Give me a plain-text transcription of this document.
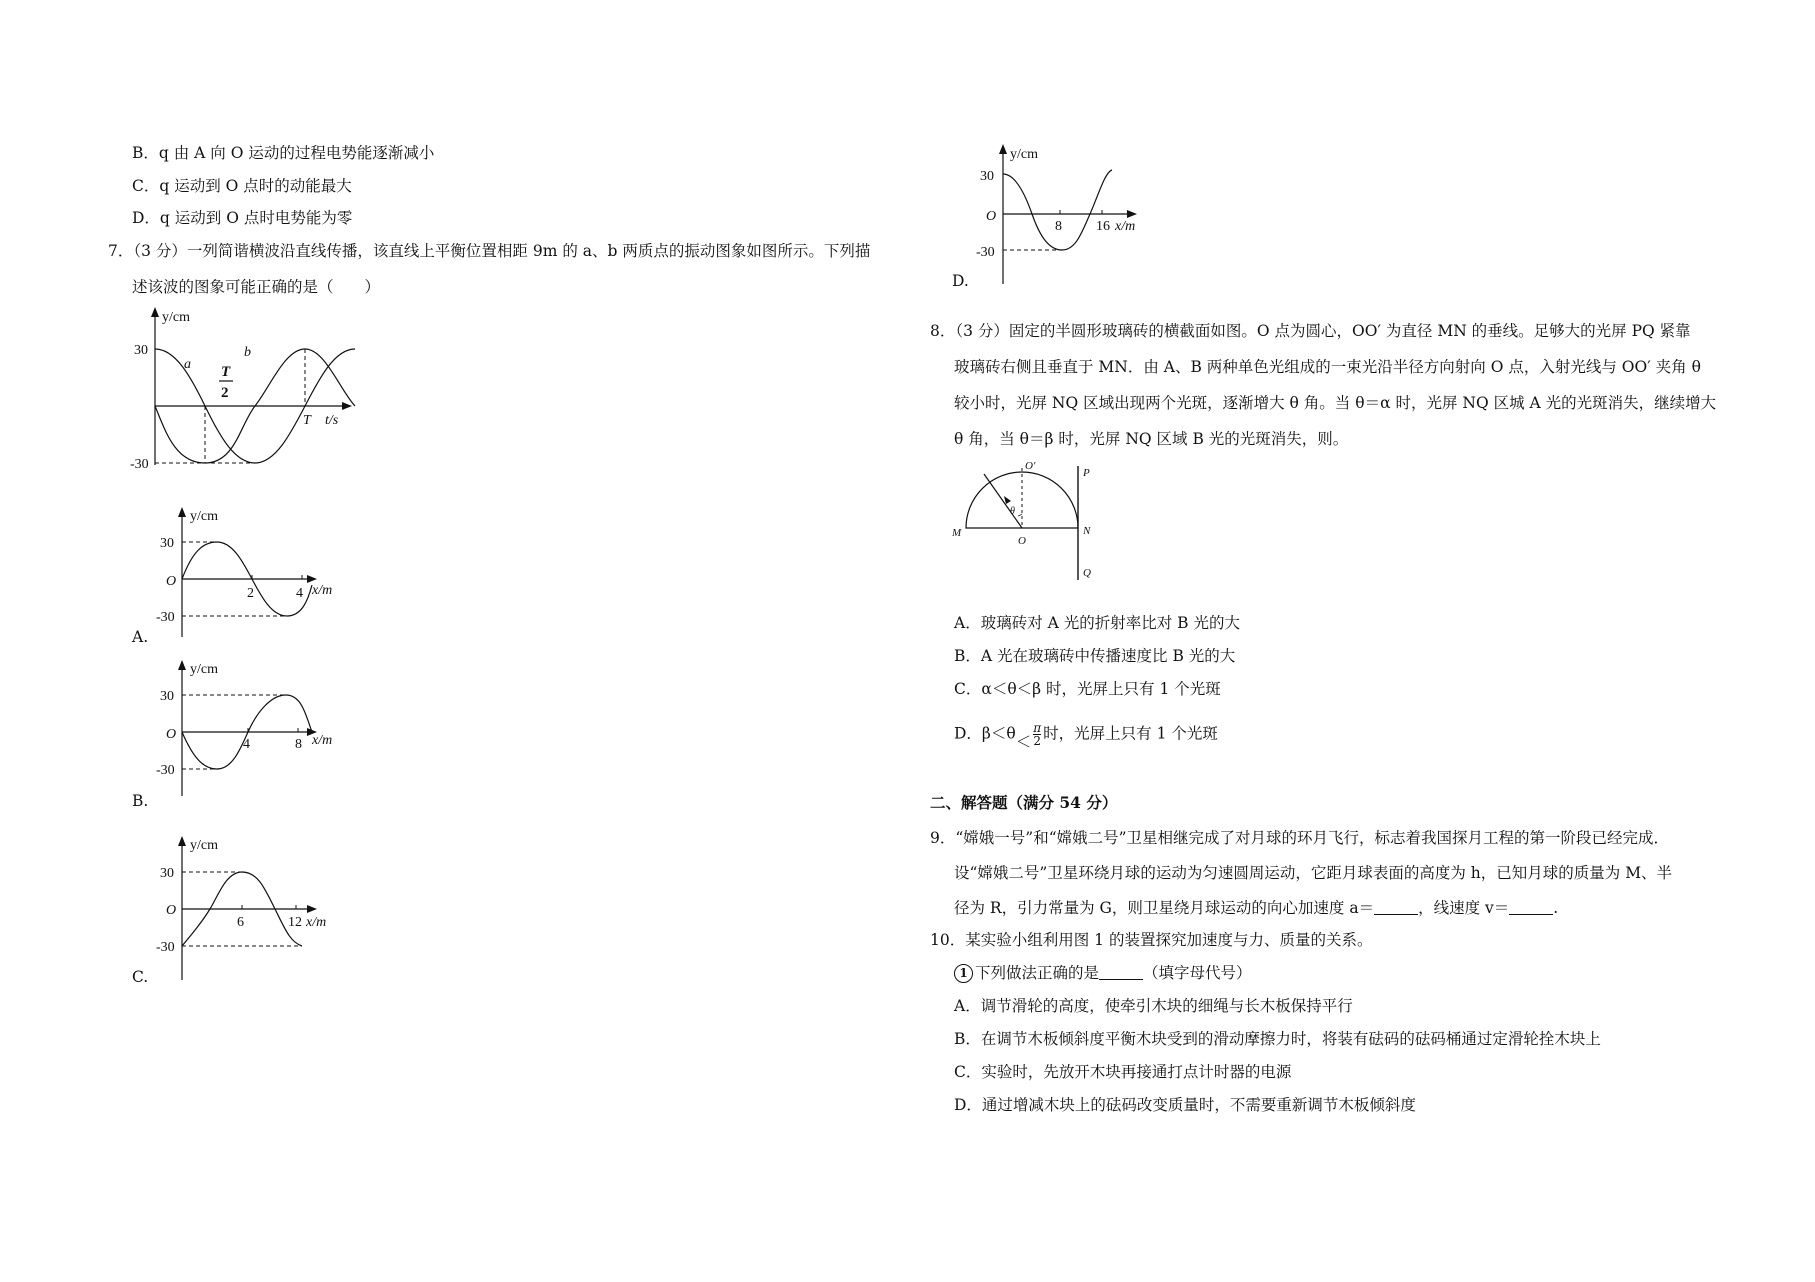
B．q 由 A 向 O 运动的过程电势能逐渐减小
C．q 运动到 O 点时的动能最大
D．q 运动到 O 点时电势能为零
7．（3 分）一列简谐横波沿直线传播，该直线上平衡位置相距 9m 的 a、b 两质点的振动图象如图所示。下列描
述该波的图象可能正确的是（　　）
y/cm
30
-30
a
b
T
2
T t/s
y/cm
30
O
-30
2	4 x/m
A.
y/cm
30
O
-30
4	8 x/m
B.
y/cm
30
O
-30
6	12 x/m
C.
y/cm
30
O
-30
8 16 x/m
D.
8．（3 分）固定的半圆形玻璃砖的横截面如图。O 点为圆心，OO′ 为直径 MN 的垂线。足够大的光屏 PQ 紧靠
玻璃砖右侧且垂直于 MN．由 A、B 两种单色光组成的一束光沿半径方向射向 O 点，入射光线与 OO′ 夹角 θ
较小时，光屏 NQ 区域出现两个光斑，逐渐增大 θ 角。当 θ＝α 时，光屏 NQ 区城 A 光的光斑消失，继续增大
θ 角，当 θ＝β 时，光屏 NQ 区域 B 光的光斑消失，则。
O′
P
θ
M
O
N
Q
A．玻璃砖对 A 光的折射率比对 B 光的大
B．A 光在玻璃砖中传播速度比 B 光的大
C．α＜θ＜β 时，光屏上只有 1 个光斑
D．$\beta<\theta< \frac{\pi}{2}$ 时，光屏上只有 1 个光斑
二、解答题（满分 54 分）
9．“嫦娥一号”和“嫦娥二号”卫星相继完成了对月球的环月飞行，标志着我国探月工程的第一阶段已经完成．
设“嫦娥二号”卫星环绕月球的运动为匀速圆周运动，它距月球表面的高度为 h，已知月球的质量为 M、半
径为 R，引力常量为 G，则卫星绕月球运动的向心加速度 a＝	，线速度 v＝	.
10．某实验小组利用图 1 的装置探究加速度与力、质量的关系。
1 下列做法正确的是	（填字母代号）
A．调节滑轮的高度，使牵引木块的细绳与长木板保持平行
B．在调节木板倾斜度平衡木块受到的滑动摩擦力时，将装有砝码的砝码桶通过定滑轮拴木块上
C．实验时，先放开木块再接通打点计时器的电源
D．通过增减木块上的砝码改变质量时，不需要重新调节木板倾斜度
